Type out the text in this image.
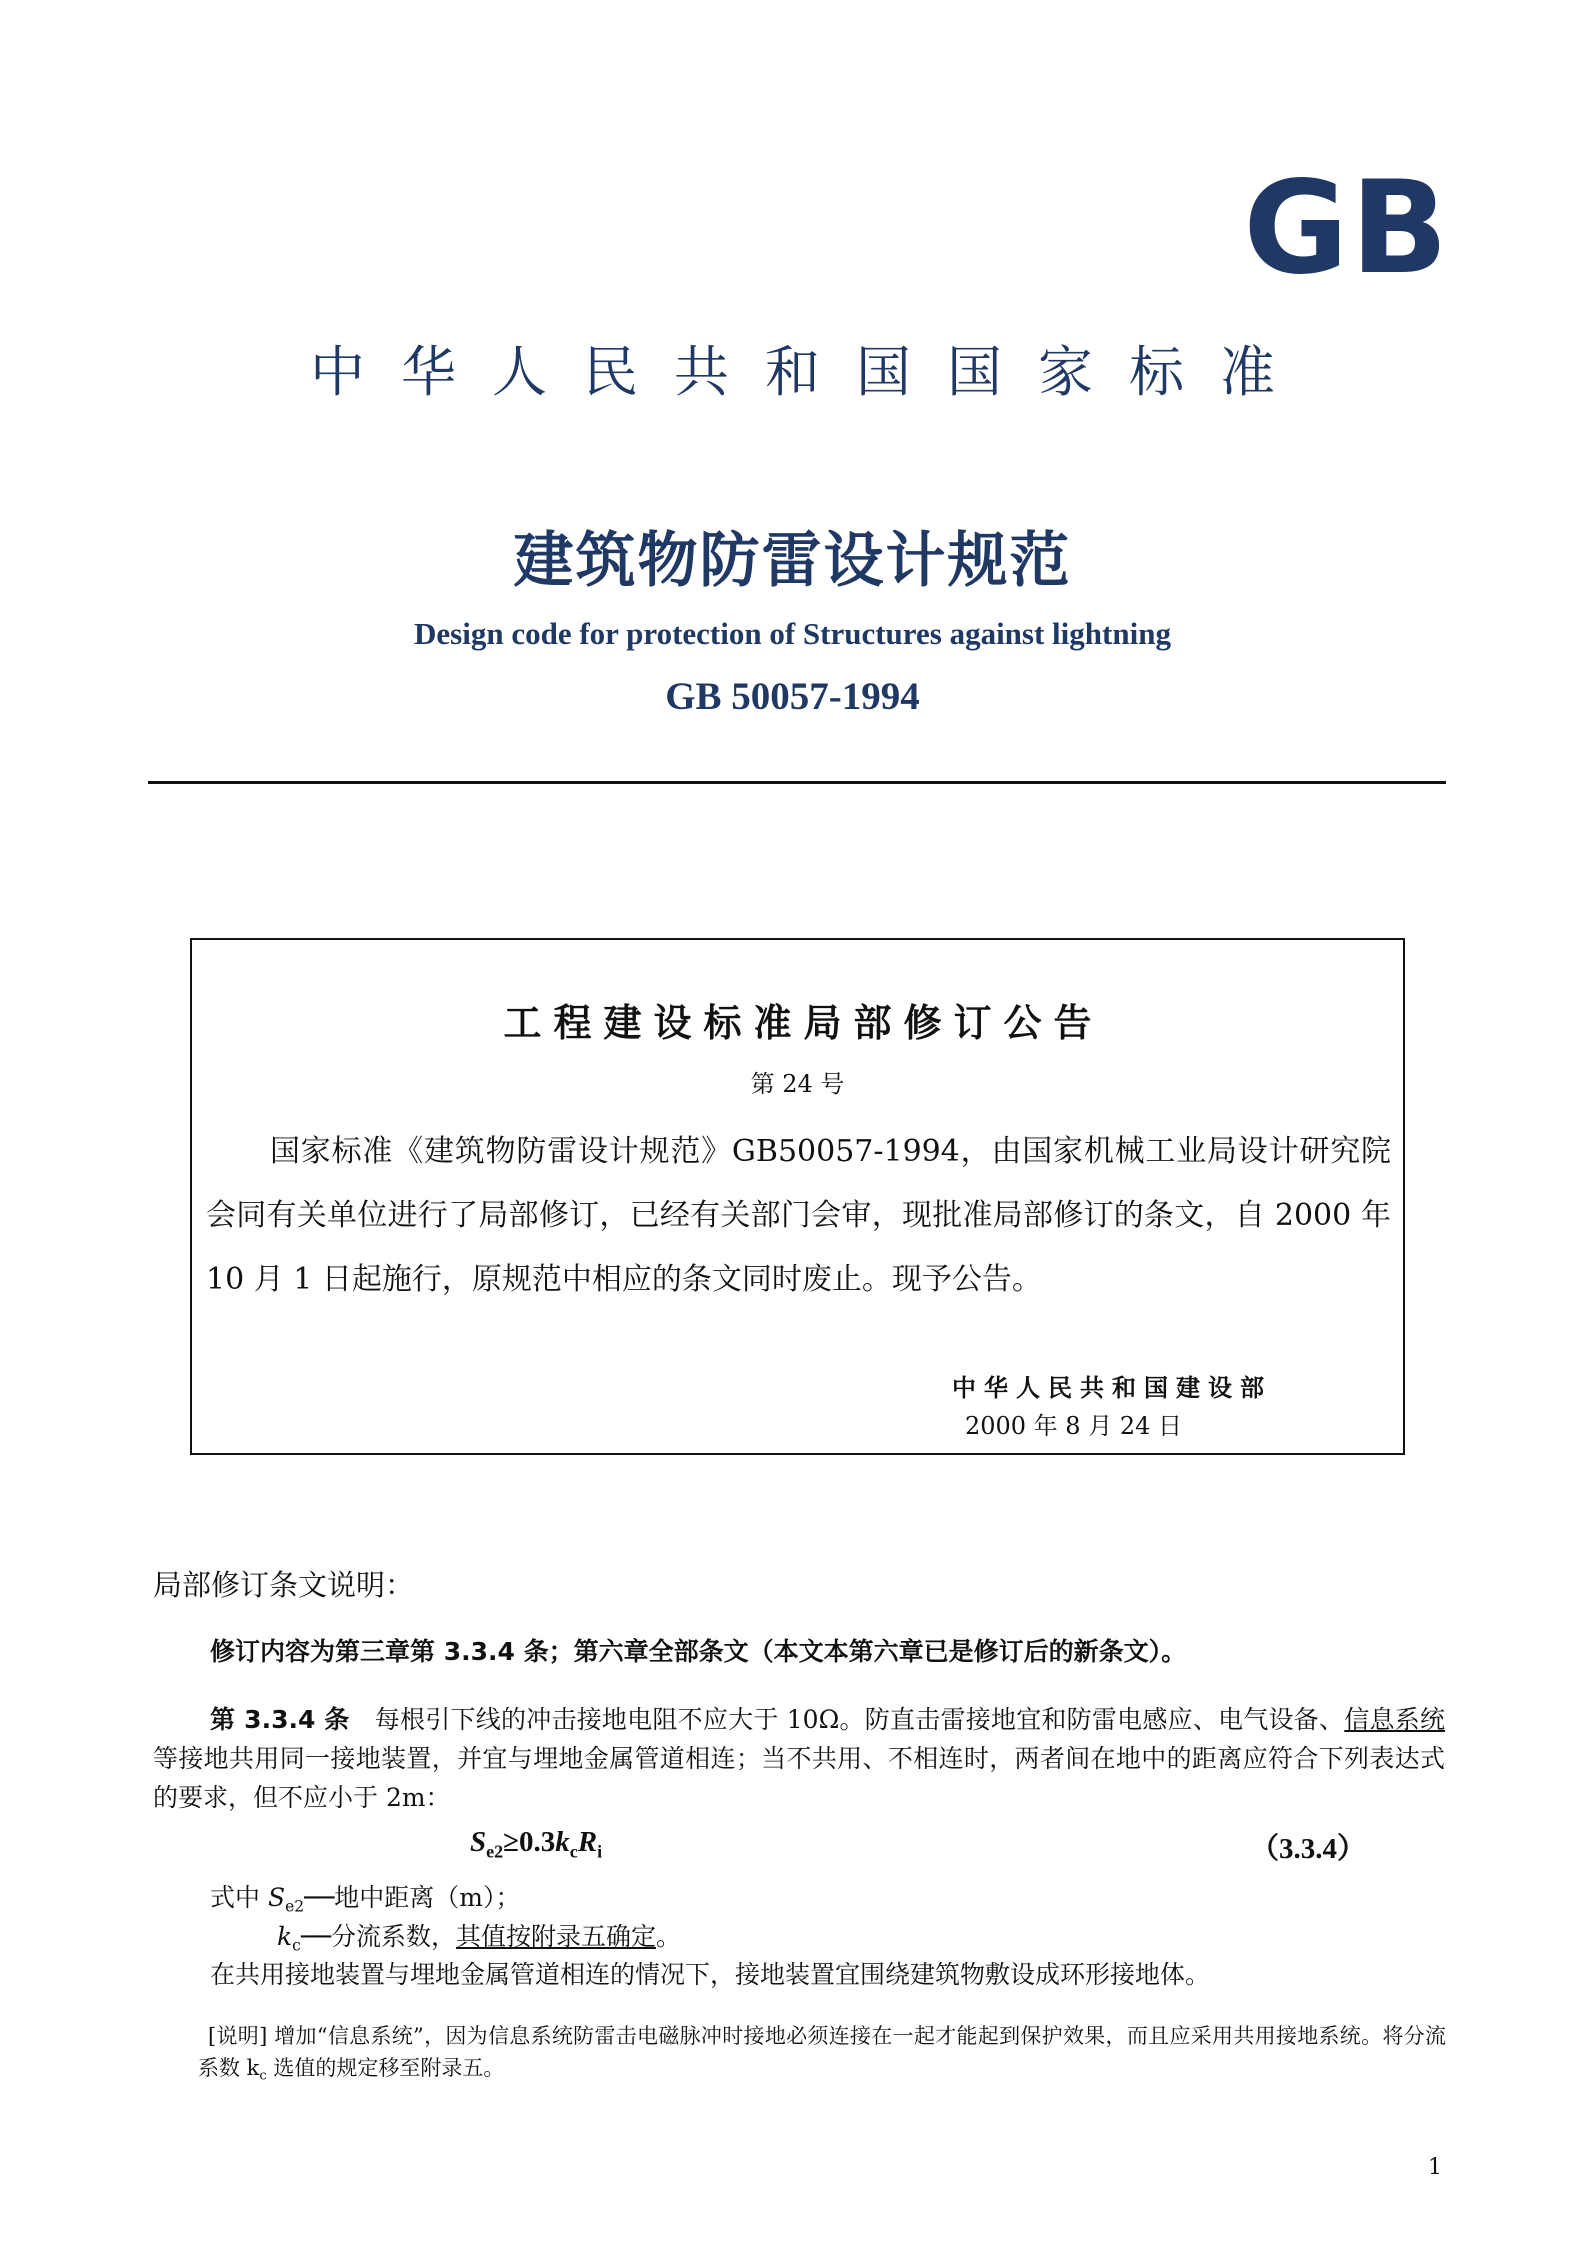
GB
中华人民共和国国家标准
建筑物防雷设计规范
Design code for protection of Structures against lightning
GB 50057-1994
工程建设标准局部修订公告
第 24 号
国家标准《建筑物防雷设计规范》GB50057-1994，由国家机械工业局设计研究院会同有关单位进行了局部修订，已经有关部门会审，现批准局部修订的条文，自 2000 年 10 月 1 日起施行，原规范中相应的条文同时废止。现予公告。
中华人民共和国建设部
2000 年 8 月 24 日
局部修订条文说明：
修订内容为第三章第 3.3.4 条；第六章全部条文（本文本第六章已是修订后的新条文）。
第 3.3.4 条　 每根引下线的冲击接地电阻不应大于 10Ω。防直击雷接地宜和防雷电感应、电气设备、信息系统等接地共用同一接地装置，并宜与埋地金属管道相连；当不共用、不相连时，两者间在地中的距离应符合下列表达式的要求，但不应小于 2m：
$S_{e2}\ge 0.3k_cR_i$	（3.3.4）
式中 $S_{e2}──$地中距离（m）；
$k_c──$分流系数，其值按附录五确定。
在共用接地装置与埋地金属管道相连的情况下，接地装置宜围绕建筑物敷设成环形接地体。
[说明] 增加“信息系统”，因为信息系统防雷击电磁脉冲时接地必须连接在一起才能起到保护效果，而且应采用共用接地系统。将分流系数 $k_c$ 选值的规定移至附录五。
1
